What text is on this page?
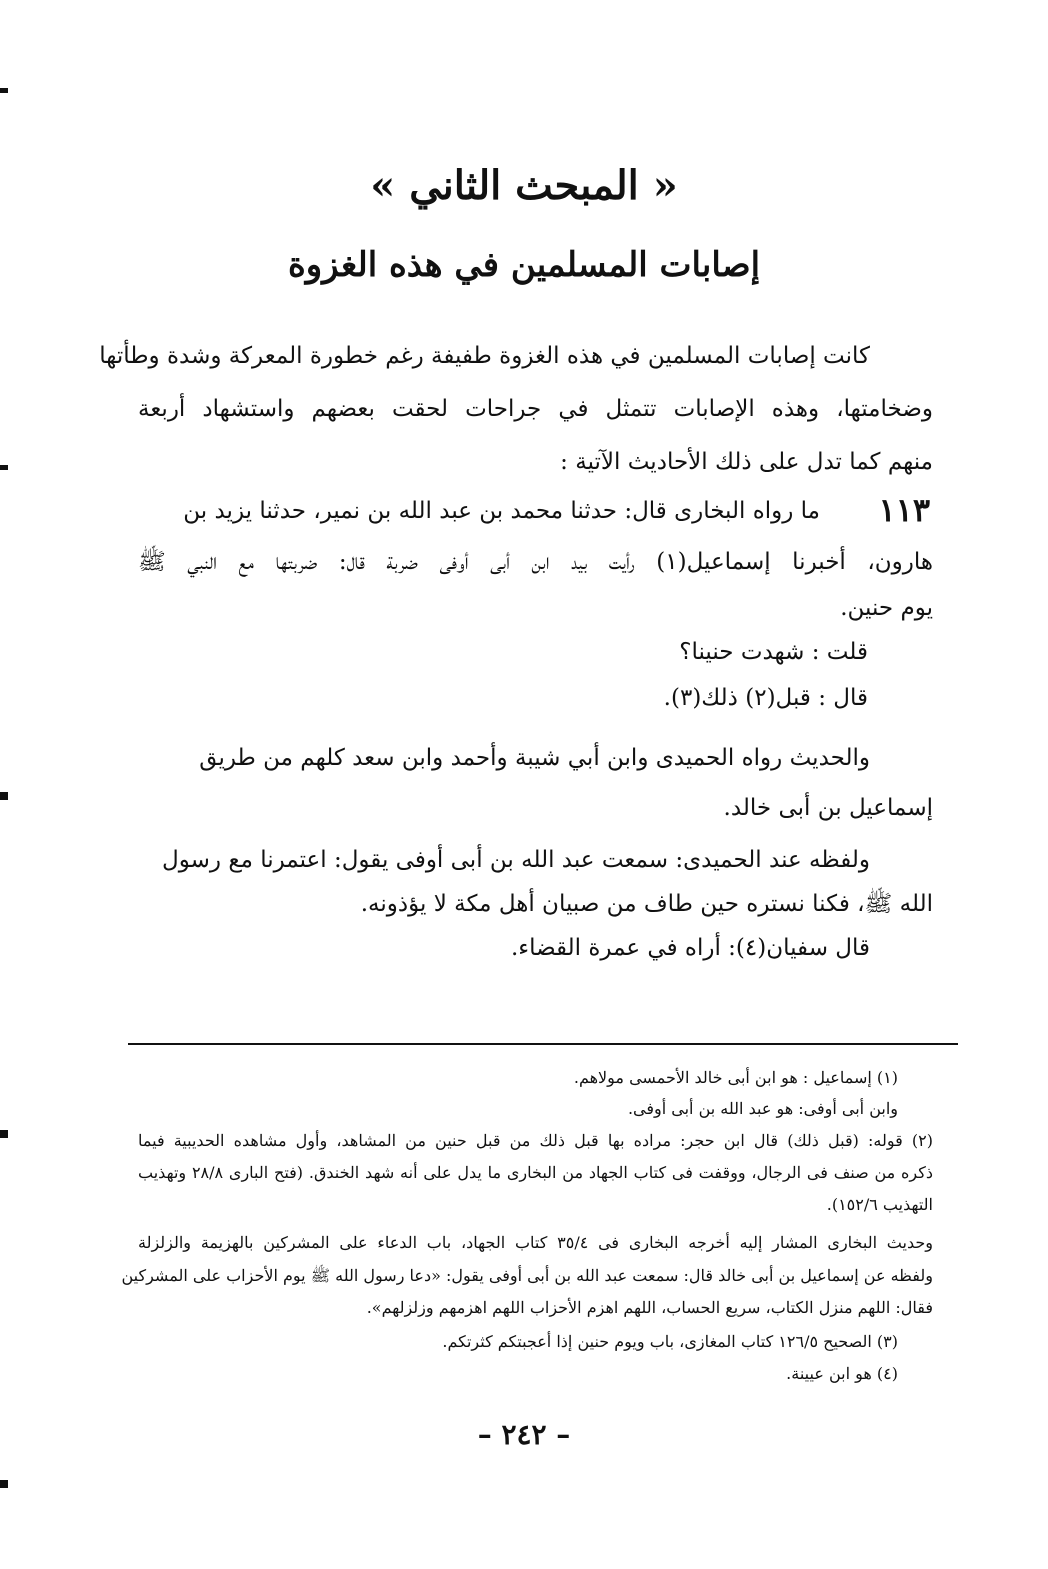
« المبحث الثاني »
إصابات المسلمين في هذه الغزوة
كانت إصابات المسلمين في هذه الغزوة طفيفة رغم خطورة المعركة وشدة وطأتها
وضخامتها، وهذه الإصابات تتمثل في جراحات لحقت بعضهم واستشهاد أربعة
منهم كما تدل على ذلك الأحاديث الآتية :
١١٣
ما رواه البخارى قال: حدثنا محمد بن عبد الله بن نمير، حدثنا يزيد بن
هارون، أخبرنا إسماعيل(١) رأيت بيد ابن أبى أوفى ضربة قال: ضربتها مع النبي ﷺ
يوم حنين.
قلت : شهدت حنينا؟
قال : قبل(٢) ذلك(٣).
والحديث رواه الحميدى وابن أبي شيبة وأحمد وابن سعد كلهم من طريق
إسماعيل بن أبى خالد.
ولفظه عند الحميدى: سمعت عبد الله بن أبى أوفى يقول: اعتمرنا مع رسول
الله ﷺ، فكنا نستره حين طاف من صبيان أهل مكة لا يؤذونه.
قال سفيان(٤): أراه في عمرة القضاء.
(١) إسماعيل : هو ابن أبى خالد الأحمسى مولاهم.
وابن أبى أوفى: هو عبد الله بن أبى أوفى.
(٢) قوله: (قبل ذلك) قال ابن حجر: مراده بها قبل ذلك من قبل حنين من المشاهد، وأول مشاهده الحديبية فيما
ذكره من صنف فى الرجال، ووقفت فى كتاب الجهاد من البخارى ما يدل على أنه شهد الخندق. (فتح البارى ٢٨/٨ وتهذيب
التهذيب ١٥٢/٦).
وحديث البخارى المشار إليه أخرجه البخارى فى ٣٥/٤ كتاب الجهاد، باب الدعاء على المشركين بالهزيمة والزلزلة
ولفظه عن إسماعيل بن أبى خالد قال: سمعت عبد الله بن أبى أوفى يقول: «دعا رسول الله ﷺ يوم الأحزاب على المشركين
فقال: اللهم منزل الكتاب، سريع الحساب، اللهم اهزم الأحزاب اللهم اهزمهم وزلزلهم».
(٣) الصحيح ١٢٦/٥ كتاب المغازى، باب ويوم حنين إذا أعجبتكم كثرتكم.
(٤) هو ابن عيينة.
– ٢٤٢ –
